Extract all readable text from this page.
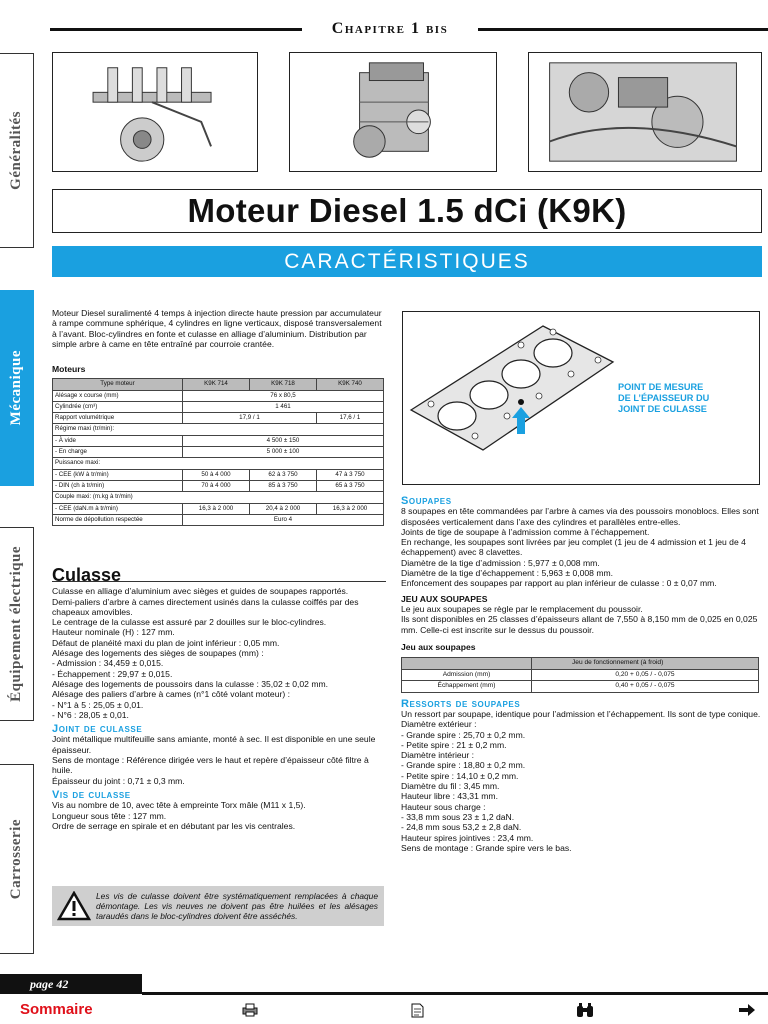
Chapitre 1 bis
Généralités
Mécanique
Équipement électrique
Carrosserie
Moteur Diesel 1.5 dCi (K9K)
CARACTÉRISTIQUES

Moteur Diesel suralimenté 4 temps à injection directe haute pression par accumulateur à rampe commune sphérique, 4 cylindres en ligne verticaux, disposé transversalement à l’avant. Bloc-cylindres en fonte et culasse en alliage d’aluminium. Distribution par simple arbre à came en tête entraîné par courroie crantée.

Moteurs

Type moteur	K9K 714	K9K 718	K9K 740
Alésage x course (mm)	76 x 80,5		
Cylindrée (cm³)	1 461		
Rapport volumétrique	17,9 / 1		17,6 / 1
Régime maxi (tr/min):			
- À vide	4 500 ± 150		
- En charge	5 000 ± 100		
Puissance maxi:			
- CEE (kW à tr/min)	50 à 4 000	62 à 3 750	47 à 3 750
- DIN (ch à tr/min)	70 à 4 000	85 à 3 750	65 à 3 750
Couple maxi: (m.kg à tr/min)			
- CEE (daN.m à tr/min)	16,3 à 2 000	20,4 à 2 000	16,3 à 2 000
Norme de dépollution respectée	Euro 4		
Culasse

Culasse en alliage d’aluminium avec sièges et guides de soupapes rapportés.

Demi-paliers d’arbre à cames directement usinés dans la culasse coiffés par des chapeaux amovibles.

Le centrage de la culasse est assuré par 2 douilles sur le bloc-cylindres.

Hauteur nominale (H) : 127 mm.

Défaut de planéité maxi du plan de joint inférieur : 0,05 mm.

Alésage des logements des sièges de soupapes (mm) :

- Admission : 34,459 ± 0,015.

- Échappement : 29,97 ± 0,015.

Alésage des logements de poussoirs dans la culasse : 35,02 ± 0,02 mm.

Alésage des paliers d’arbre à cames (n°1 côté volant moteur) :

- N°1 à 5 : 25,05 ± 0,01.

- N°6 : 28,05 ± 0,01.

Joint de culasse

Joint métallique multifeuille sans amiante, monté à sec. Il est disponible en une seule épaisseur.

Sens de montage : Référence dirigée vers le haut et repère d’épaisseur côté filtre à huile.

Épaisseur du joint : 0,71 ± 0,3 mm.

Vis de culasse

Vis au nombre de 10, avec tête à empreinte Torx mâle (M11 x 1,5).

Longueur sous tête : 127 mm.

Ordre de serrage en spirale et en débutant par les vis centrales.

Les vis de culasse doivent être systématiquement remplacées à chaque démontage. Les vis neuves ne doivent pas être huilées et les alésages taraudés dans le bloc-cylindres doivent être asséchés.

POINT DE MESURE
DE L’ÉPAISSEUR DU
JOINT DE CULASSE
Soupapes

8 soupapes en tête commandées par l’arbre à cames via des poussoirs monoblocs. Elles sont disposées verticalement dans l’axe des cylindres et parallèles entre-elles.

Joints de tige de soupape à l’admission comme à l’échappement.

En rechange, les soupapes sont livrées par jeu complet (1 jeu de 4 admission et 1 jeu de 4 échappement) avec 8 clavettes.

Diamètre de la tige d’admission : 5,977 ± 0,008 mm.

Diamètre de la tige d’échappement : 5,963 ± 0,008 mm.

Enfoncement des soupapes par rapport au plan inférieur de culasse : 0 ± 0,07 mm.

JEU AUX SOUPAPES

Le jeu aux soupapes se règle par le remplacement du poussoir.

Ils sont disponibles en 25 classes d’épaisseurs allant de 7,550 à 8,150 mm de 0,025 en 0,025 mm. Celle-ci est inscrite sur le dessus du poussoir.

Jeu aux soupapes

	Jeu de fonctionnement (à froid)
Admission (mm)	0,20 + 0,05 / - 0,075
Échappement (mm)	0,40 + 0,05 / - 0,075
Ressorts de soupapes

Un ressort par soupape, identique pour l’admission et l’échappement. Ils sont de type conique.

Diamètre extérieur :

- Grande spire : 25,70 ± 0,2 mm.

- Petite spire : 21 ± 0,2 mm.

Diamètre intérieur :

- Grande spire : 18,80 ± 0,2 mm.

- Petite spire : 14,10 ± 0,2 mm.

Diamètre du fil : 3,45 mm.

Hauteur libre : 43,31 mm.

Hauteur sous charge :

- 33,8 mm sous 23 ± 1,2 daN.

- 24,8 mm sous 53,2 ± 2,8 daN.

Hauteur spires jointives : 23,4 mm.

Sens de montage : Grande spire vers le bas.

page 42
Sommaire
